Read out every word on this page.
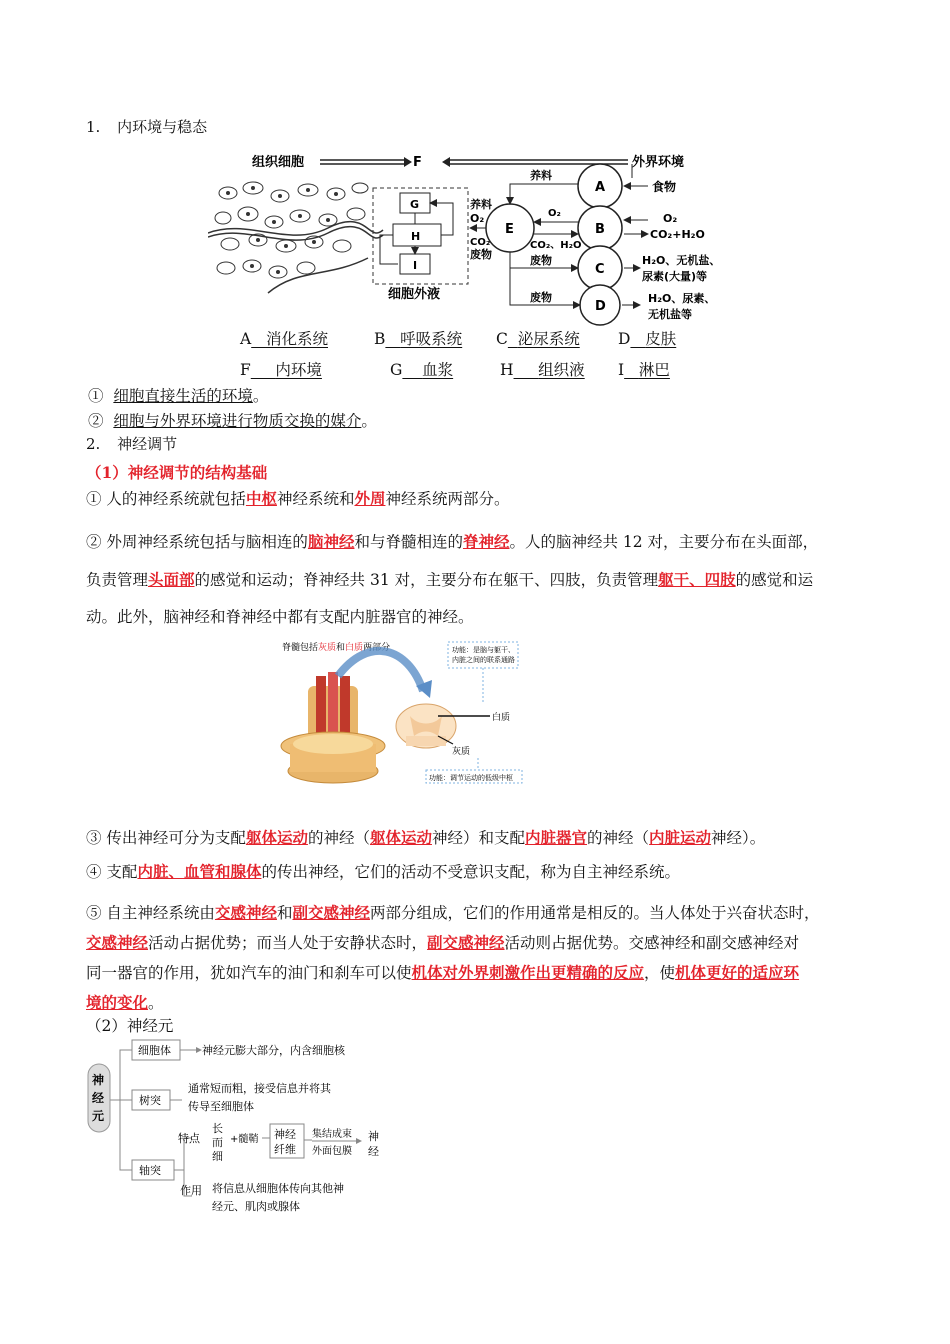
1. 内环境与稳态
组织细胞	F	外界环境
G
H
I
细胞外液
E
养料
O₂
CO₂
废物
A
B
C
D
养料
O₂
CO₂、H₂O
废物
废物
食物
O₂
CO₂+H₂O
H₂O、无机盐、
尿素(大量)等
H₂O、尿素、
无机盐等
A 消化系统	B 呼吸系统 C 泌尿系统 D 皮肤
F 内环境	G 血浆	H 组织液 I 淋巴
① 细胞直接生活的环境。
② 细胞与外界环境进行物质交换的媒介。
2. 神经调节
（1）神经调节的结构基础
① 人的神经系统就包括中枢神经系统和外周神经系统两部分。
② 外周神经系统包括与脑相连的脑神经和与脊髓相连的脊神经。人的脑神经共 12 对，主要分布在头面部，
负责管理头面部的感觉和运动；脊神经共 31 对，主要分布在躯干、四肢，负责管理躯干、四肢的感觉和运
动。此外，脑神经和脊神经中都有支配内脏器官的神经。
脊髓包括灰质和白质两部分	功能：是脑与躯干、
内脏之间的联系通路
白质
灰质
功能：调节运动的低级中枢
③ 传出神经可分为支配躯体运动的神经（躯体运动神经）和支配内脏器官的神经（内脏运动神经）。
④ 支配内脏、血管和腺体的传出神经，它们的活动不受意识支配，称为自主神经系统。
⑤ 自主神经系统由交感神经和副交感神经两部分组成，它们的作用通常是相反的。当人体处于兴奋状态时，
交感神经活动占据优势；而当人处于安静状态时，副交感神经活动则占据优势。交感神经和副交感神经对
同一器官的作用，犹如汽车的油门和刹车可以使机体对外界刺激作出更精确的反应，使机体更好的适应环
境的变化。
（2）神经元
神
经
元
细胞体	神经元膨大部分，内含细胞核
树突
通常短而粗，接受信息并将其
传导至细胞体
轴突
特点
长
而
细
+髓鞘 神经
纤维
集结成束
外面包膜
神
经
作用 将信息从细胞体传向其他神
经元、肌肉或腺体
